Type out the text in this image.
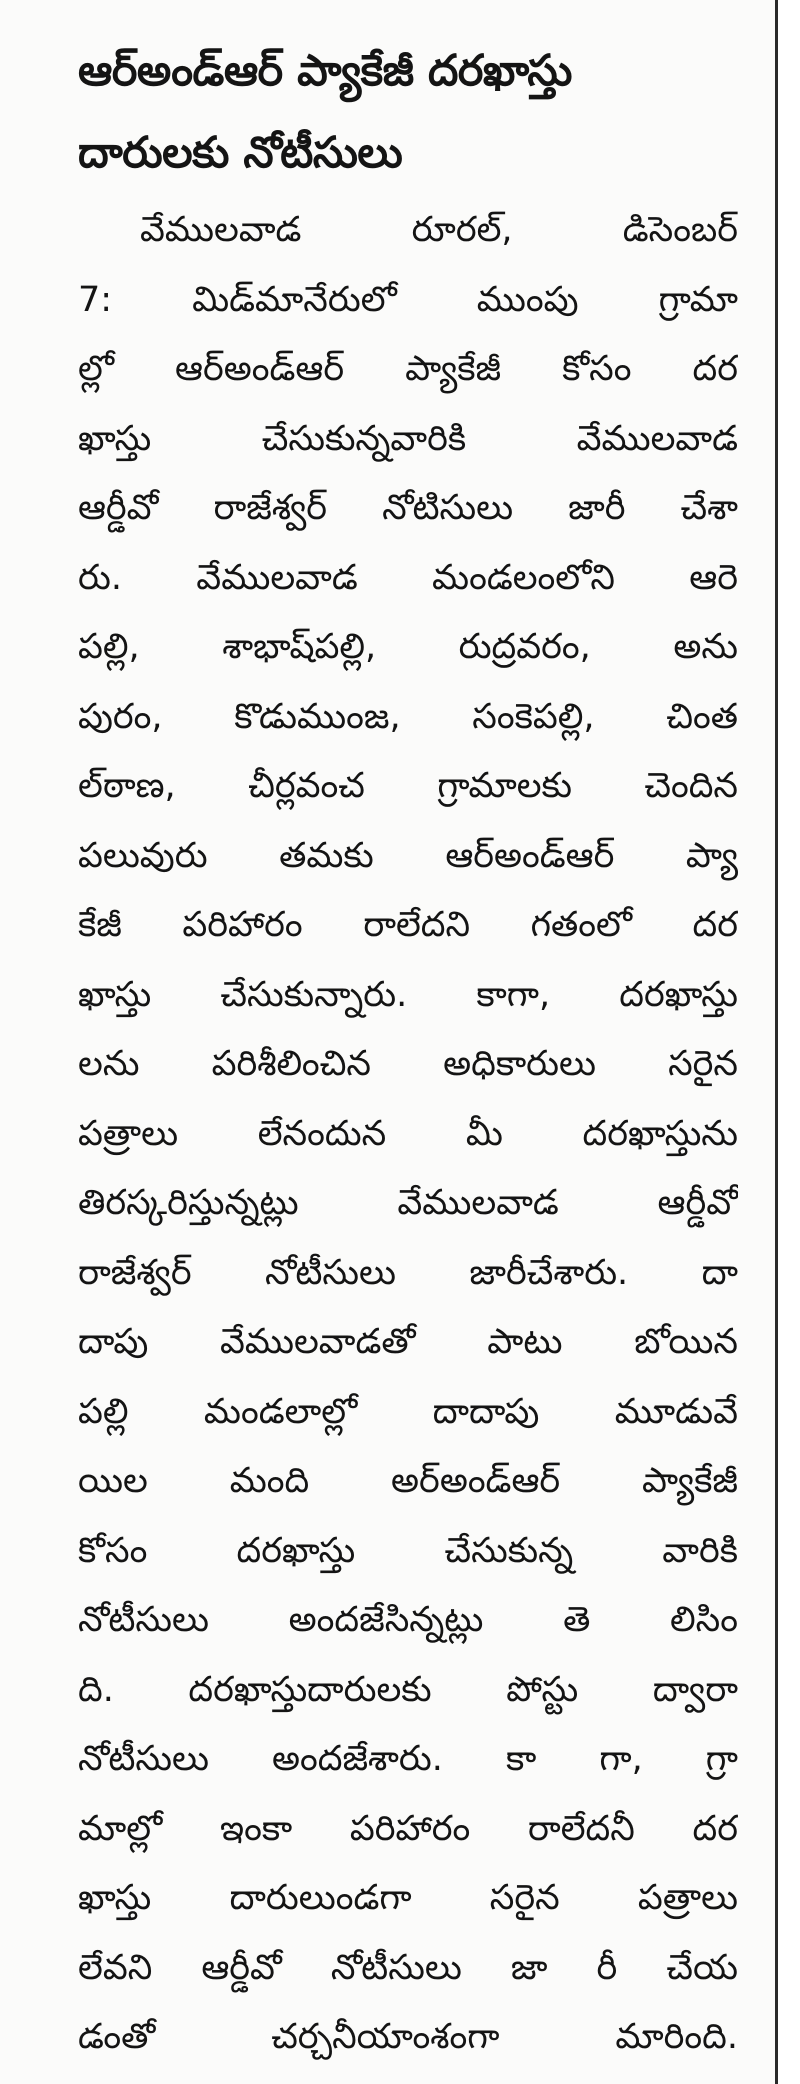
ఆర్‌అండ్‌ఆర్ ప్యాకేజీ దరఖాస్తు
దారులకు నోటీసులు
వేములవాడ రూరల్, డిసెంబర్
7: మిడ్‌మానేరులో ముంపు గ్రామా
ల్లో ఆర్‌అండ్‌ఆర్ ప్యాకేజీ కోసం దర
ఖాస్తు చేసుకున్నవారికి వేములవాడ
ఆర్డీవో రాజేశ్వర్ నోటిసులు జారీ చేశా
రు. వేములవాడ మండలంలోని ఆరె
పల్లి, శాభాష్‌పల్లి, రుద్రవరం, అను
పురం, కొడుముంజ, సంకెపల్లి, చింత
ల్‌ఠాణ, చీర్లవంచ గ్రామాలకు చెందిన
పలువురు తమకు ఆర్‌అండ్‌ఆర్ ప్యా
కేజీ పరిహారం రాలేదని గతంలో దర
ఖాస్తు చేసుకున్నారు. కాగా, దరఖాస్తు
లను పరిశీలించిన అధికారులు సరైన
పత్రాలు లేనందున మీ దరఖాస్తును
తిరస్కరిస్తున్నట్లు వేములవాడ ఆర్డీవో
రాజేశ్వర్ నోటీసులు జారీచేశారు. దా
దాపు వేములవాడతో పాటు బోయిన
పల్లి మండలాల్లో దాదాపు మూడువే
యిల మంది అర్‌అండ్‌ఆర్ ప్యాకేజీ
కోసం దరఖాస్తు చేసుకున్న వారికి
నోటీసులు అందజేసిన్నట్లు తె లిసిం
ది. దరఖాస్తుదారులకు పోస్టు ద్వారా
నోటీసులు అందజేశారు. కా గా, గ్రా
మాల్లో ఇంకా పరిహారం రాలేదనీ దర
ఖాస్తు దారులుండగా సరైన పత్రాలు
లేవని ఆర్డీవో నోటీసులు జా రీ చేయ
డంతో చర్చనీయాంశంగా మారింది.
